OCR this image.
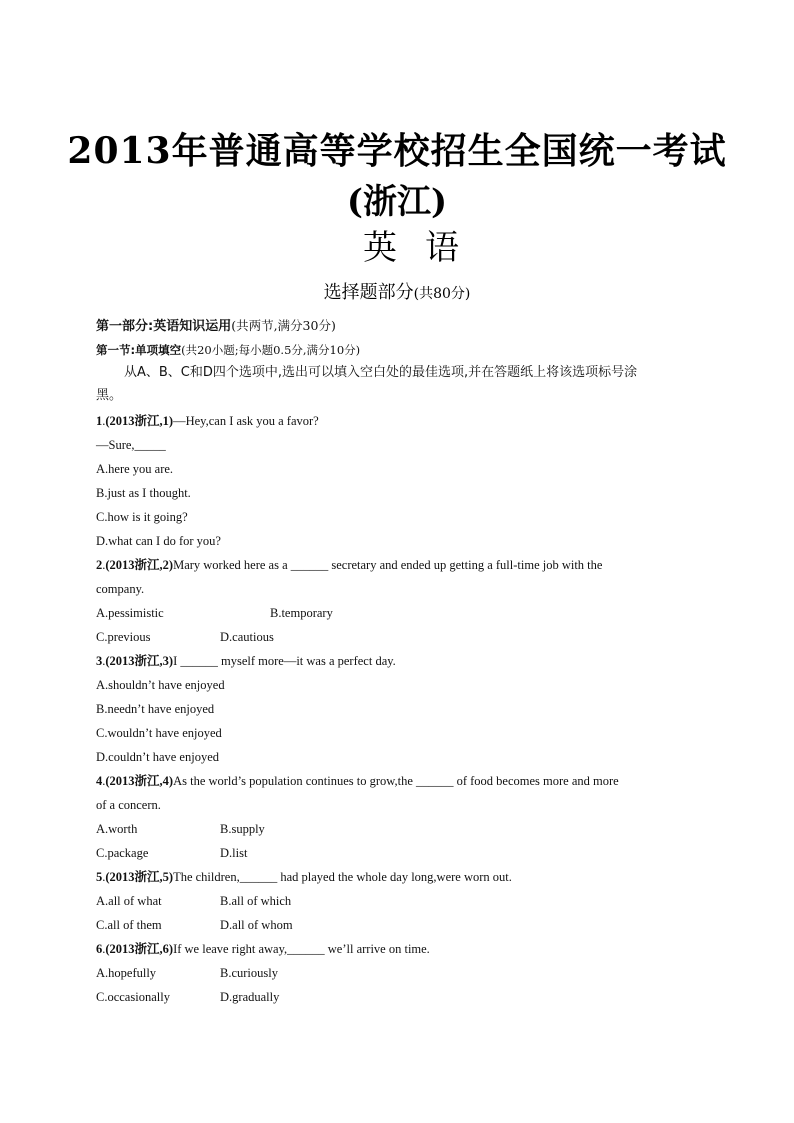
2013年普通高等学校招生全国统一考试
(浙江)
英语
选择题部分(共80分)
第一部分:英语知识运用(共两节,满分30分)
第一节:单项填空(共20小题;每小题0.5分,满分10分)
从A、B、C和D四个选项中,选出可以填入空白处的最佳选项,并在答题纸上将该选项标号涂
黑。
1.(2013浙江,1)—Hey,can I ask you a favor?
—Sure,_____
A.here you are.
B.just as I thought.
C.how is it going?
D.what can I do for you?
2.(2013浙江,2)Mary worked here as a ______ secretary and ended up getting a full-time job with the
company.
A.pessimistic	B.temporary
C.previous	D.cautious
3.(2013浙江,3)I ______ myself more—it was a perfect day.
A.shouldn’t have enjoyed
B.needn’t have enjoyed
C.wouldn’t have enjoyed
D.couldn’t have enjoyed
4.(2013浙江,4)As the world’s population continues to grow,the ______ of food becomes more and more
of a concern.
A.worth	B.supply
C.package	D.list
5.(2013浙江,5)The children,______ had played the whole day long,were worn out.
A.all of what	B.all of which
C.all of them	D.all of whom
6.(2013浙江,6)If we leave right away,______ we’ll arrive on time.
A.hopefully	B.curiously
C.occasionally	D.gradually
